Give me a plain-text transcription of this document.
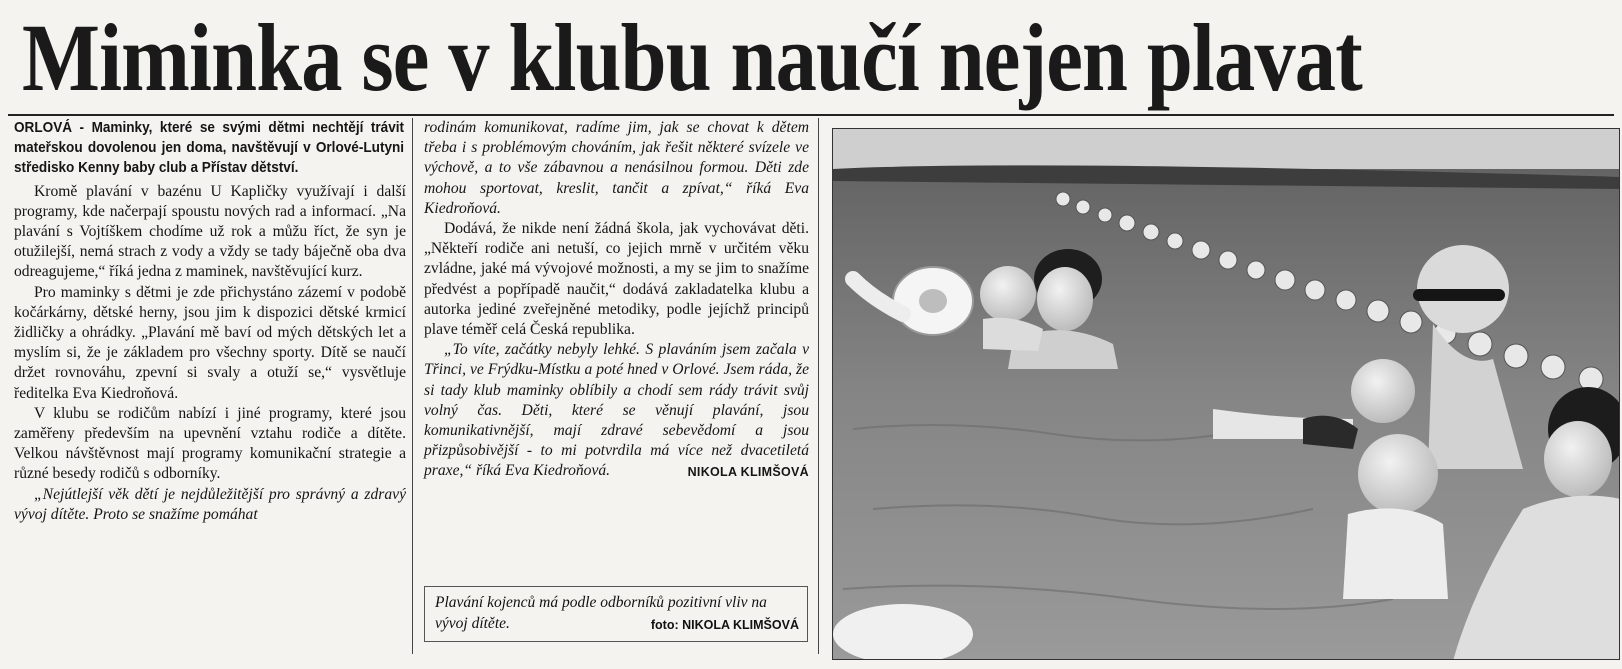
Miminka se v klubu naučí nejen plavat
ORLOVÁ - Maminky, které se svými dětmi nechtějí trávit mateřskou dovolenou jen doma, navštěvují v Orlové-Lutyni středisko Kenny baby club a Přístav dětství.

Kromě plavání v bazénu U Kapličky využívají i další programy, kde načerpají spoustu nových rad a informací. „Na plavání s Vojtíškem chodíme už rok a můžu říct, že syn je otužilejší, nemá strach z vody a vždy se tady báječně oba dva odreagujeme,“ říká jedna z maminek, navštěvující kurz.

Pro maminky s dětmi je zde přichystáno zázemí v podobě kočárkárny, dětské herny, jsou jim k dispozici dětské krmicí židličky a ohrádky. „Plavání mě baví od mých dětských let a myslím si, že je základem pro všechny sporty. Dítě se naučí držet rovnováhu, zpevní si svaly a otuží se,“ vysvětluje ředitelka Eva Kiedroňová.

V klubu se rodičům nabízí i jiné programy, které jsou zaměřeny především na upevnění vztahu rodiče a dítěte. Velkou návštěvnost mají programy komunikační strategie a různé besedy rodičů s odborníky.

„Nejútlejší věk dětí je nejdůležitější pro správný a zdravý vývoj dítěte. Proto se snažíme pomáhat

rodinám komunikovat, radíme jim, jak se chovat k dětem třeba i s problémovým chováním, jak řešit některé svízele ve výchově, a to vše zábavnou a nenásilnou formou. Děti zde mohou sportovat, kreslit, tančit a zpívat,“ říká Eva Kiedroňová.

Dodává, že nikde není žádná škola, jak vychovávat děti. „Někteří rodiče ani netuší, co jejich mrně v určitém věku zvládne, jaké má vývojové možnosti, a my se jim to snažíme předvést a popřípadě naučit,“ dodává zakladatelka klubu a autorka jediné zveřejněné metodiky, podle jejíchž principů plave téměř celá Česká republika.

„To víte, začátky nebyly lehké. S plaváním jsem začala v Třinci, ve Frýdku-Místku a poté hned v Orlové. Jsem ráda, že si tady klub maminky oblíbily a chodí sem rády trávit svůj volný čas. Děti, které se věnují plavání, jsou komunikativnější, mají zdravé sebevědomí a jsou přizpůsobivější - to mi potvrdila má více než dvacetiletá praxe,“ říká Eva Kiedroňová.	NIKOLA KLIMŠOVÁ
Plavání kojenců má podle odborníků pozitivní vliv na vývoj dítěte.	foto: NIKOLA KLIMŠOVÁ
